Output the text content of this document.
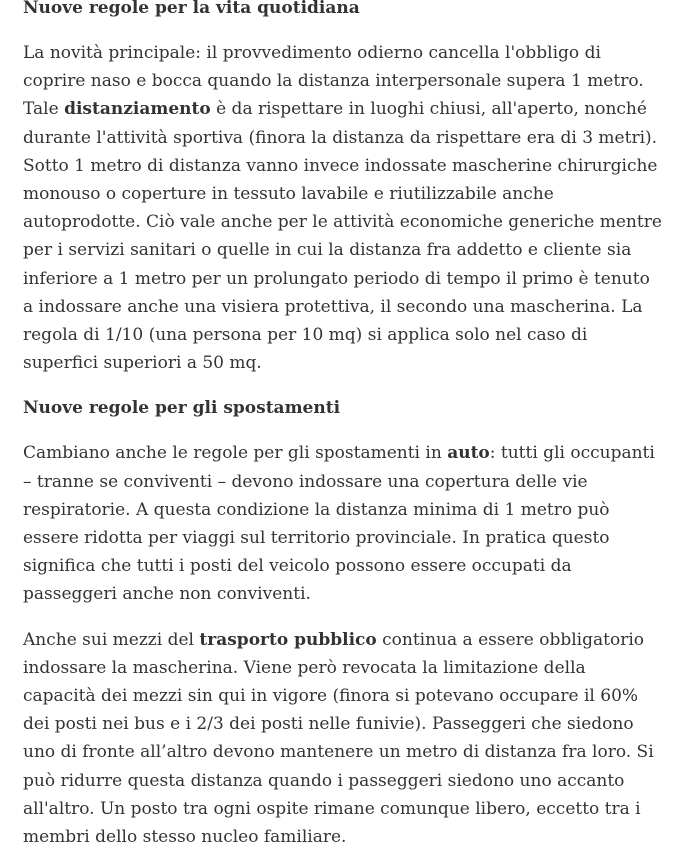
Nuove regole per la vita quotidiana

La novità principale: il provvedimento odierno cancella l'obbligo di coprire naso e bocca quando la distanza interpersonale supera 1 metro.
Tale distanziamento è da rispettare in luoghi chiusi, all'aperto, nonché durante l'attività sportiva (finora la distanza da rispettare era di 3 metri). Sotto 1 metro di distanza vanno invece indossate mascherine chirurgiche monouso o coperture in tessuto lavabile e riutilizzabile anche autoprodotte. Ciò vale anche per le attività economiche generiche mentre per i servizi sanitari o quelle in cui la distanza fra addetto e cliente sia inferiore a 1 metro per un prolungato periodo di tempo il primo è tenuto a indossare anche una visiera protettiva, il secondo una mascherina. La regola di 1/10 (una persona per 10 mq) si applica solo nel caso di superfici superiori a 50 mq.

Nuove regole per gli spostamenti

Cambiano anche le regole per gli spostamenti in auto: tutti gli occupanti – tranne se conviventi – devono indossare una copertura delle vie respiratorie. A questa condizione la distanza minima di 1 metro può essere ridotta per viaggi sul territorio provinciale. In pratica questo significa che tutti i posti del veicolo possono essere occupati da passeggeri anche non conviventi.

Anche sui mezzi del trasporto pubblico continua a essere obbligatorio indossare la mascherina. Viene però revocata la limitazione della capacità dei mezzi sin qui in vigore (finora si potevano occupare il 60% dei posti nei bus e i 2/3 dei posti nelle funivie). Passeggeri che siedono uno di fronte all’altro devono mantenere un metro di distanza fra loro. Si può ridurre questa distanza quando i passeggeri siedono uno accanto all'altro. Un posto tra ogni ospite rimane comunque libero, eccetto tra i membri dello stesso nucleo familiare.
